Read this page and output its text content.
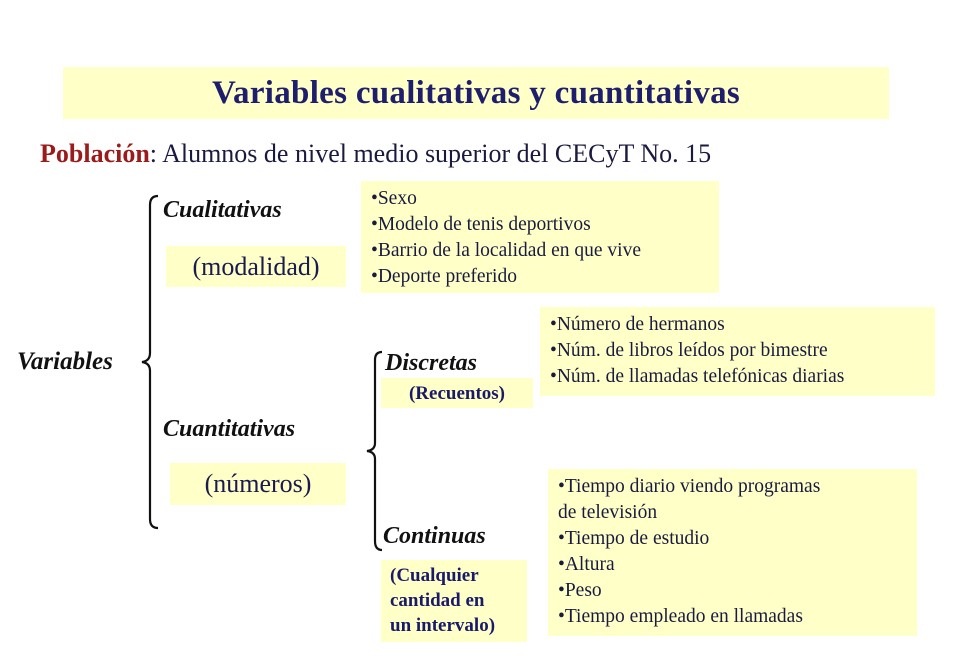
Variables cualitativas y cuantitativas
Población: Alumnos de nivel medio superior del CECyT No. 15
Variables
Cualitativas
(modalidad)
•Sexo
•Modelo de tenis deportivos
•Barrio de la localidad en que vive
•Deporte preferido
Cuantitativas
(números)
Discretas
(Recuentos)
•Número de hermanos
•Núm. de libros leídos por bimestre
•Núm. de llamadas telefónicas diarias
Continuas
(Cualquier
cantidad en
un intervalo)
•Tiempo diario viendo programas
de televisión
•Tiempo de estudio
•Altura
•Peso
•Tiempo empleado en llamadas
